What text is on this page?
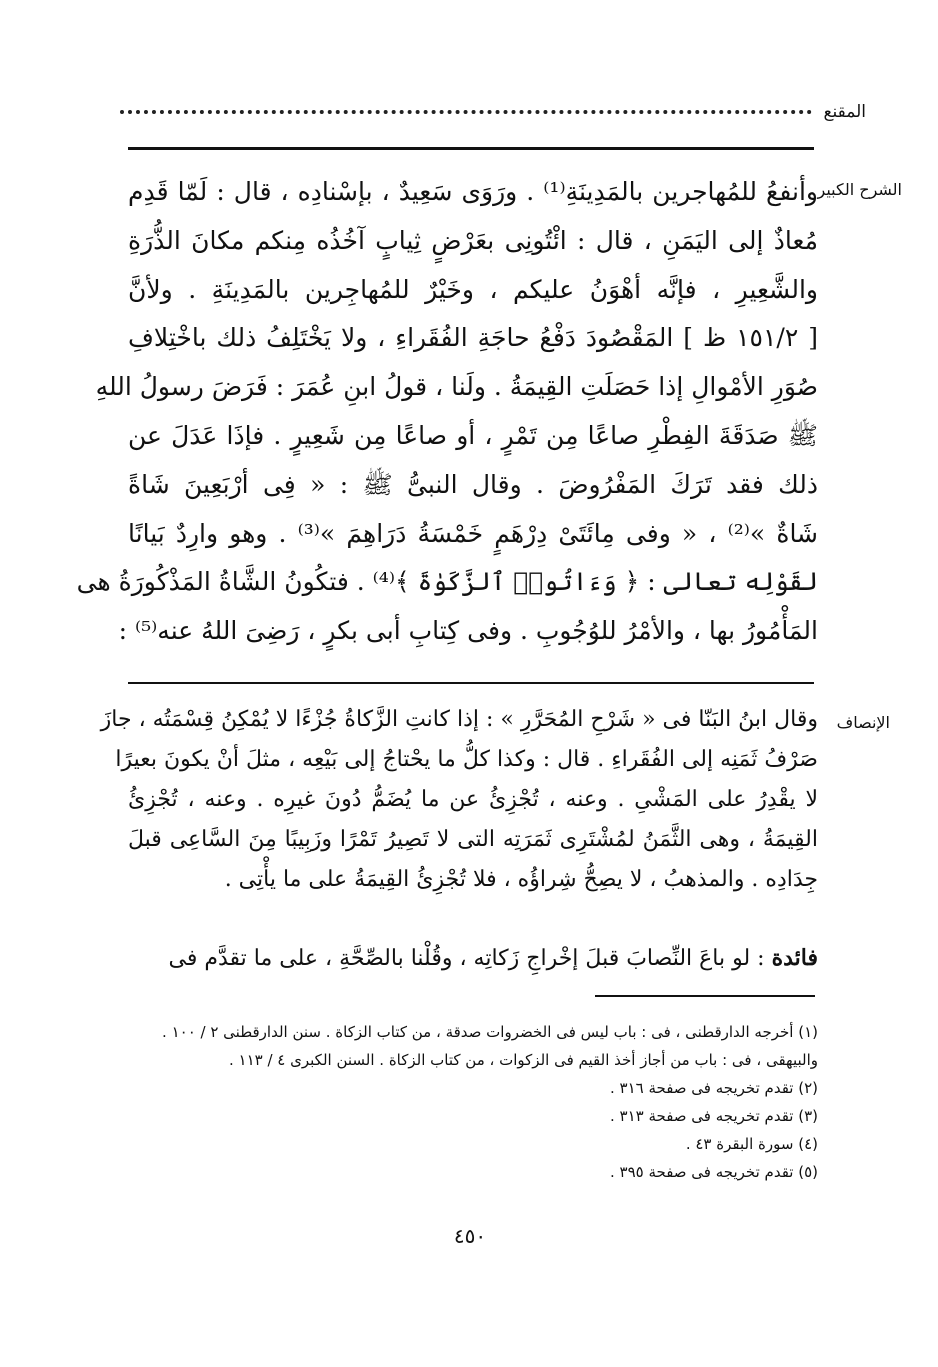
المقنع
الشرح الكبير
وأنفعُ للمُهاجرين بالمَدِينَةِ⁽¹⁾ . ورَوَى سَعِيدٌ ، بإسْنادِه ، قال : لَمّا قَدِم
مُعاذٌ إلى اليَمَنِ ، قال : ائْتُونِى بعَرْضٍ ثِيابٍ آخُذُه مِنكم مكانَ الذُّرَةِ
والشَّعِيرِ ، فإنَّه أهْوَنُ عليكم ، وخَيْرٌ للمُهاجِرين بالمَدِينَةِ . ولأنَّ
[ ١٥١/٢ ظ ] المَقْصُودَ دَفْعُ حاجَةِ الفُقَراءِ ، ولا يَخْتَلِفُ ذلك باخْتِلافِ
صُوَرِ الأمْوالِ إذا حَصَلَتِ القِيمَةُ . ولَنا ، قولُ ابنِ عُمَرَ : فَرَضَ رسولُ اللهِ
ﷺ صَدَقَةَ الفِطْرِ صاعًا مِن تَمْرٍ ، أو صاعًا مِن شَعِيرٍ . فإذَا عَدَلَ عن
ذلك فقد تَرَكَ المَفْرُوضَ . وقال النبىُّ ﷺ : « فِى أرْبَعِينَ شَاةً
شَاةٌ »⁽²⁾ ، « وفى مِائَتَىْ دِرْهَمٍ خَمْسَةُ دَرَاهِمَ »⁽³⁾ . وهو وارِدٌ بَيانًا
لقَوْلِه تعالى : ﴿ وَءَاتُوا۟ ٱلزَّكَوٰةَ ﴾⁽⁴⁾ . فتكُونُ الشَّاةُ المَذْكُورَةُ هى
المَأْمُورُ بها ، والأمْرُ للوُجُوبِ . وفى كِتابِ أبى بكرٍ ، رَضِىَ اللهُ عنه⁽⁵⁾ :
الإنصاف
وقال ابنُ البَنّا فى « شَرْحِ المُحَرَّرِ » : إذا كانتِ الزَّكاةُ جُزْءًا لا يُمْكِنُ قِسْمَتُه ، جازَ
صَرْفُ ثَمَنِه إلى الفُقَراءِ . قال : وكذا كلُّ ما يحْتاجُ إلى بَيْعِه ، مثلَ أنْ يكونَ بعيرًا
لا يقْدِرُ على المَشْىِ . وعنه ، تُجْزِئُ عن ما يُضَمُّ دُونَ غيرِه . وعنه ، تُجْزِئُ
القِيمَةُ ، وهى الثَّمَنُ لمُشْتَرِى ثَمَرَتِه التى لا تَصِيرُ تَمْرًا وزَبِيبًا مِنَ السَّاعِى قبلَ
جِدَادِه . والمذهبُ ، لا يصِحُّ شِراؤُه ، فلا تُجْزِئُ القِيمَةُ على ما يأْتِى .
فائدة : لو باعَ النِّصابَ قبلَ إخْراجِ زَكاتِه ، وقُلْنا بالصِّحَّةِ ، على ما تقدَّم فى
(١) أخرجه الدارقطنى ، فى : باب ليس فى الخضروات صدقة ، من كتاب الزكاة . سنن الدارقطنى ٢ / ١٠٠ .
والبيهقى ، فى : باب من أجاز أخذ القيم فى الزكوات ، من كتاب الزكاة . السنن الكبرى ٤ / ١١٣ .
(٢) تقدم تخريجه فى صفحة ٣١٦ .
(٣) تقدم تخريجه فى صفحة ٣١٣ .
(٤) سورة البقرة ٤٣ .
(٥) تقدم تخريجه فى صفحة ٣٩٥ .
٤٥٠
